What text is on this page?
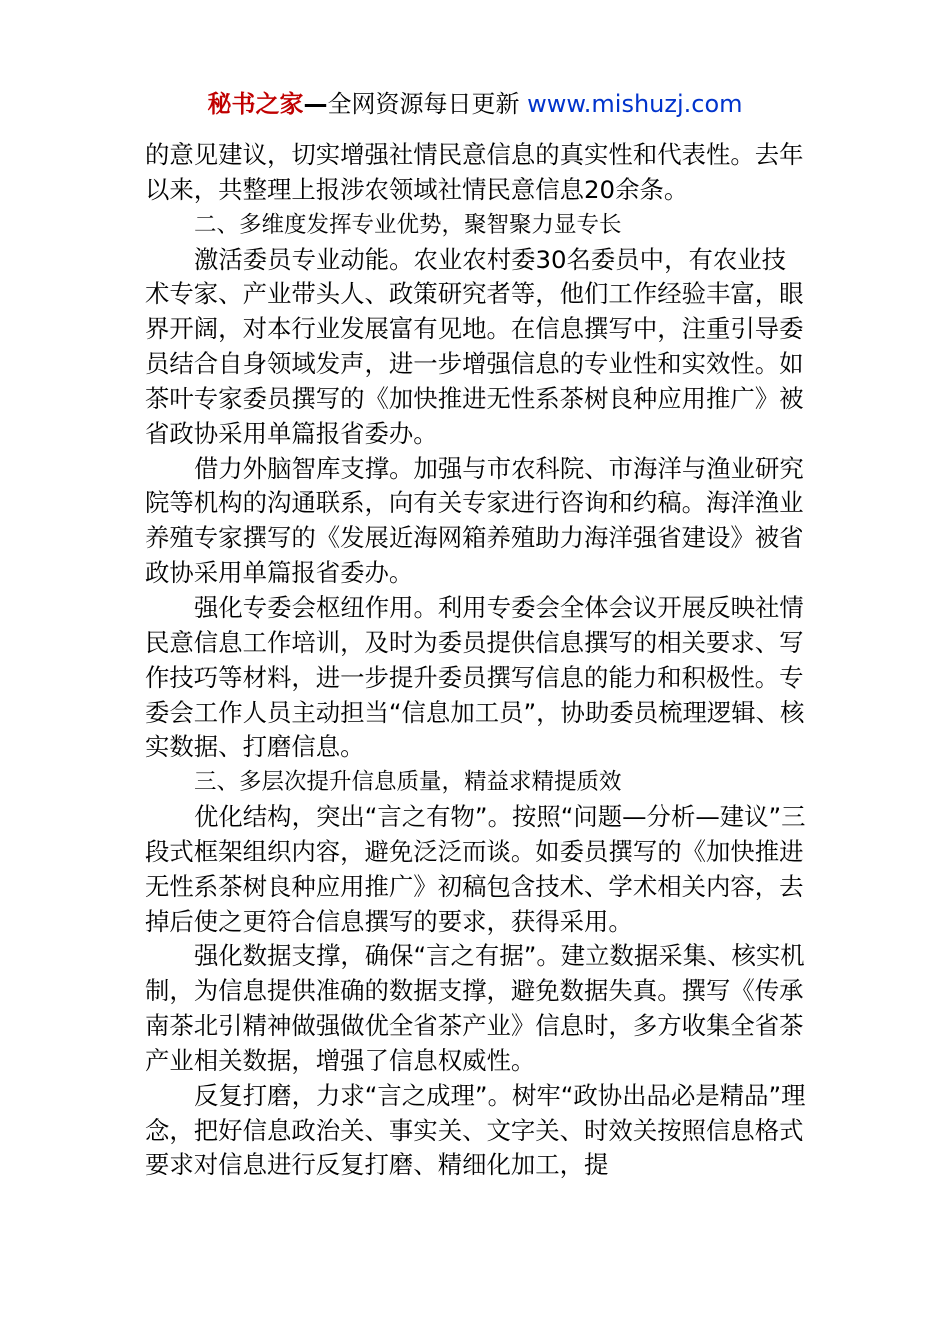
秘书之家—全网资源每日更新 www.mishuzj.com

的意见建议，切实增强社情民意信息的真实性和代表性。去年以来，共整理上报涉农领域社情民意信息20余条。

二、多维度发挥专业优势，聚智聚力显专长

激活委员专业动能。农业农村委30名委员中，有农业技术专家、产业带头人、政策研究者等，他们工作经验丰富，眼界开阔，对本行业发展富有见地。在信息撰写中，注重引导委员结合自身领域发声，进一步增强信息的专业性和实效性。如茶叶专家委员撰写的《加快推进无性系茶树良种应用推广》被省政协采用单篇报省委办。

借力外脑智库支撑。加强与市农科院、市海洋与渔业研究院等机构的沟通联系，向有关专家进行咨询和约稿。海洋渔业养殖专家撰写的《发展近海网箱养殖助力海洋强省建设》被省政协采用单篇报省委办。

强化专委会枢纽作用。利用专委会全体会议开展反映社情民意信息工作培训，及时为委员提供信息撰写的相关要求、写作技巧等材料，进一步提升委员撰写信息的能力和积极性。专委会工作人员主动担当“信息加工员”，协助委员梳理逻辑、核实数据、打磨信息。

三、多层次提升信息质量，精益求精提质效

优化结构，突出“言之有物”。按照“问题—分析—建议”三段式框架组织内容，避免泛泛而谈。如委员撰写的《加快推进无性系茶树良种应用推广》初稿包含技术、学术相关内容，去掉后使之更符合信息撰写的要求，获得采用。

强化数据支撑，确保“言之有据”。建立数据采集、核实机制，为信息提供准确的数据支撑，避免数据失真。撰写《传承南茶北引精神做强做优全省茶产业》信息时，多方收集全省茶产业相关数据，增强了信息权威性。

反复打磨，力求“言之成理”。树牢“政协出品必是精品”理念，把好信息政治关、事实关、文字关、时效关按照信息格式要求对信息进行反复打磨、精细化加工，提
